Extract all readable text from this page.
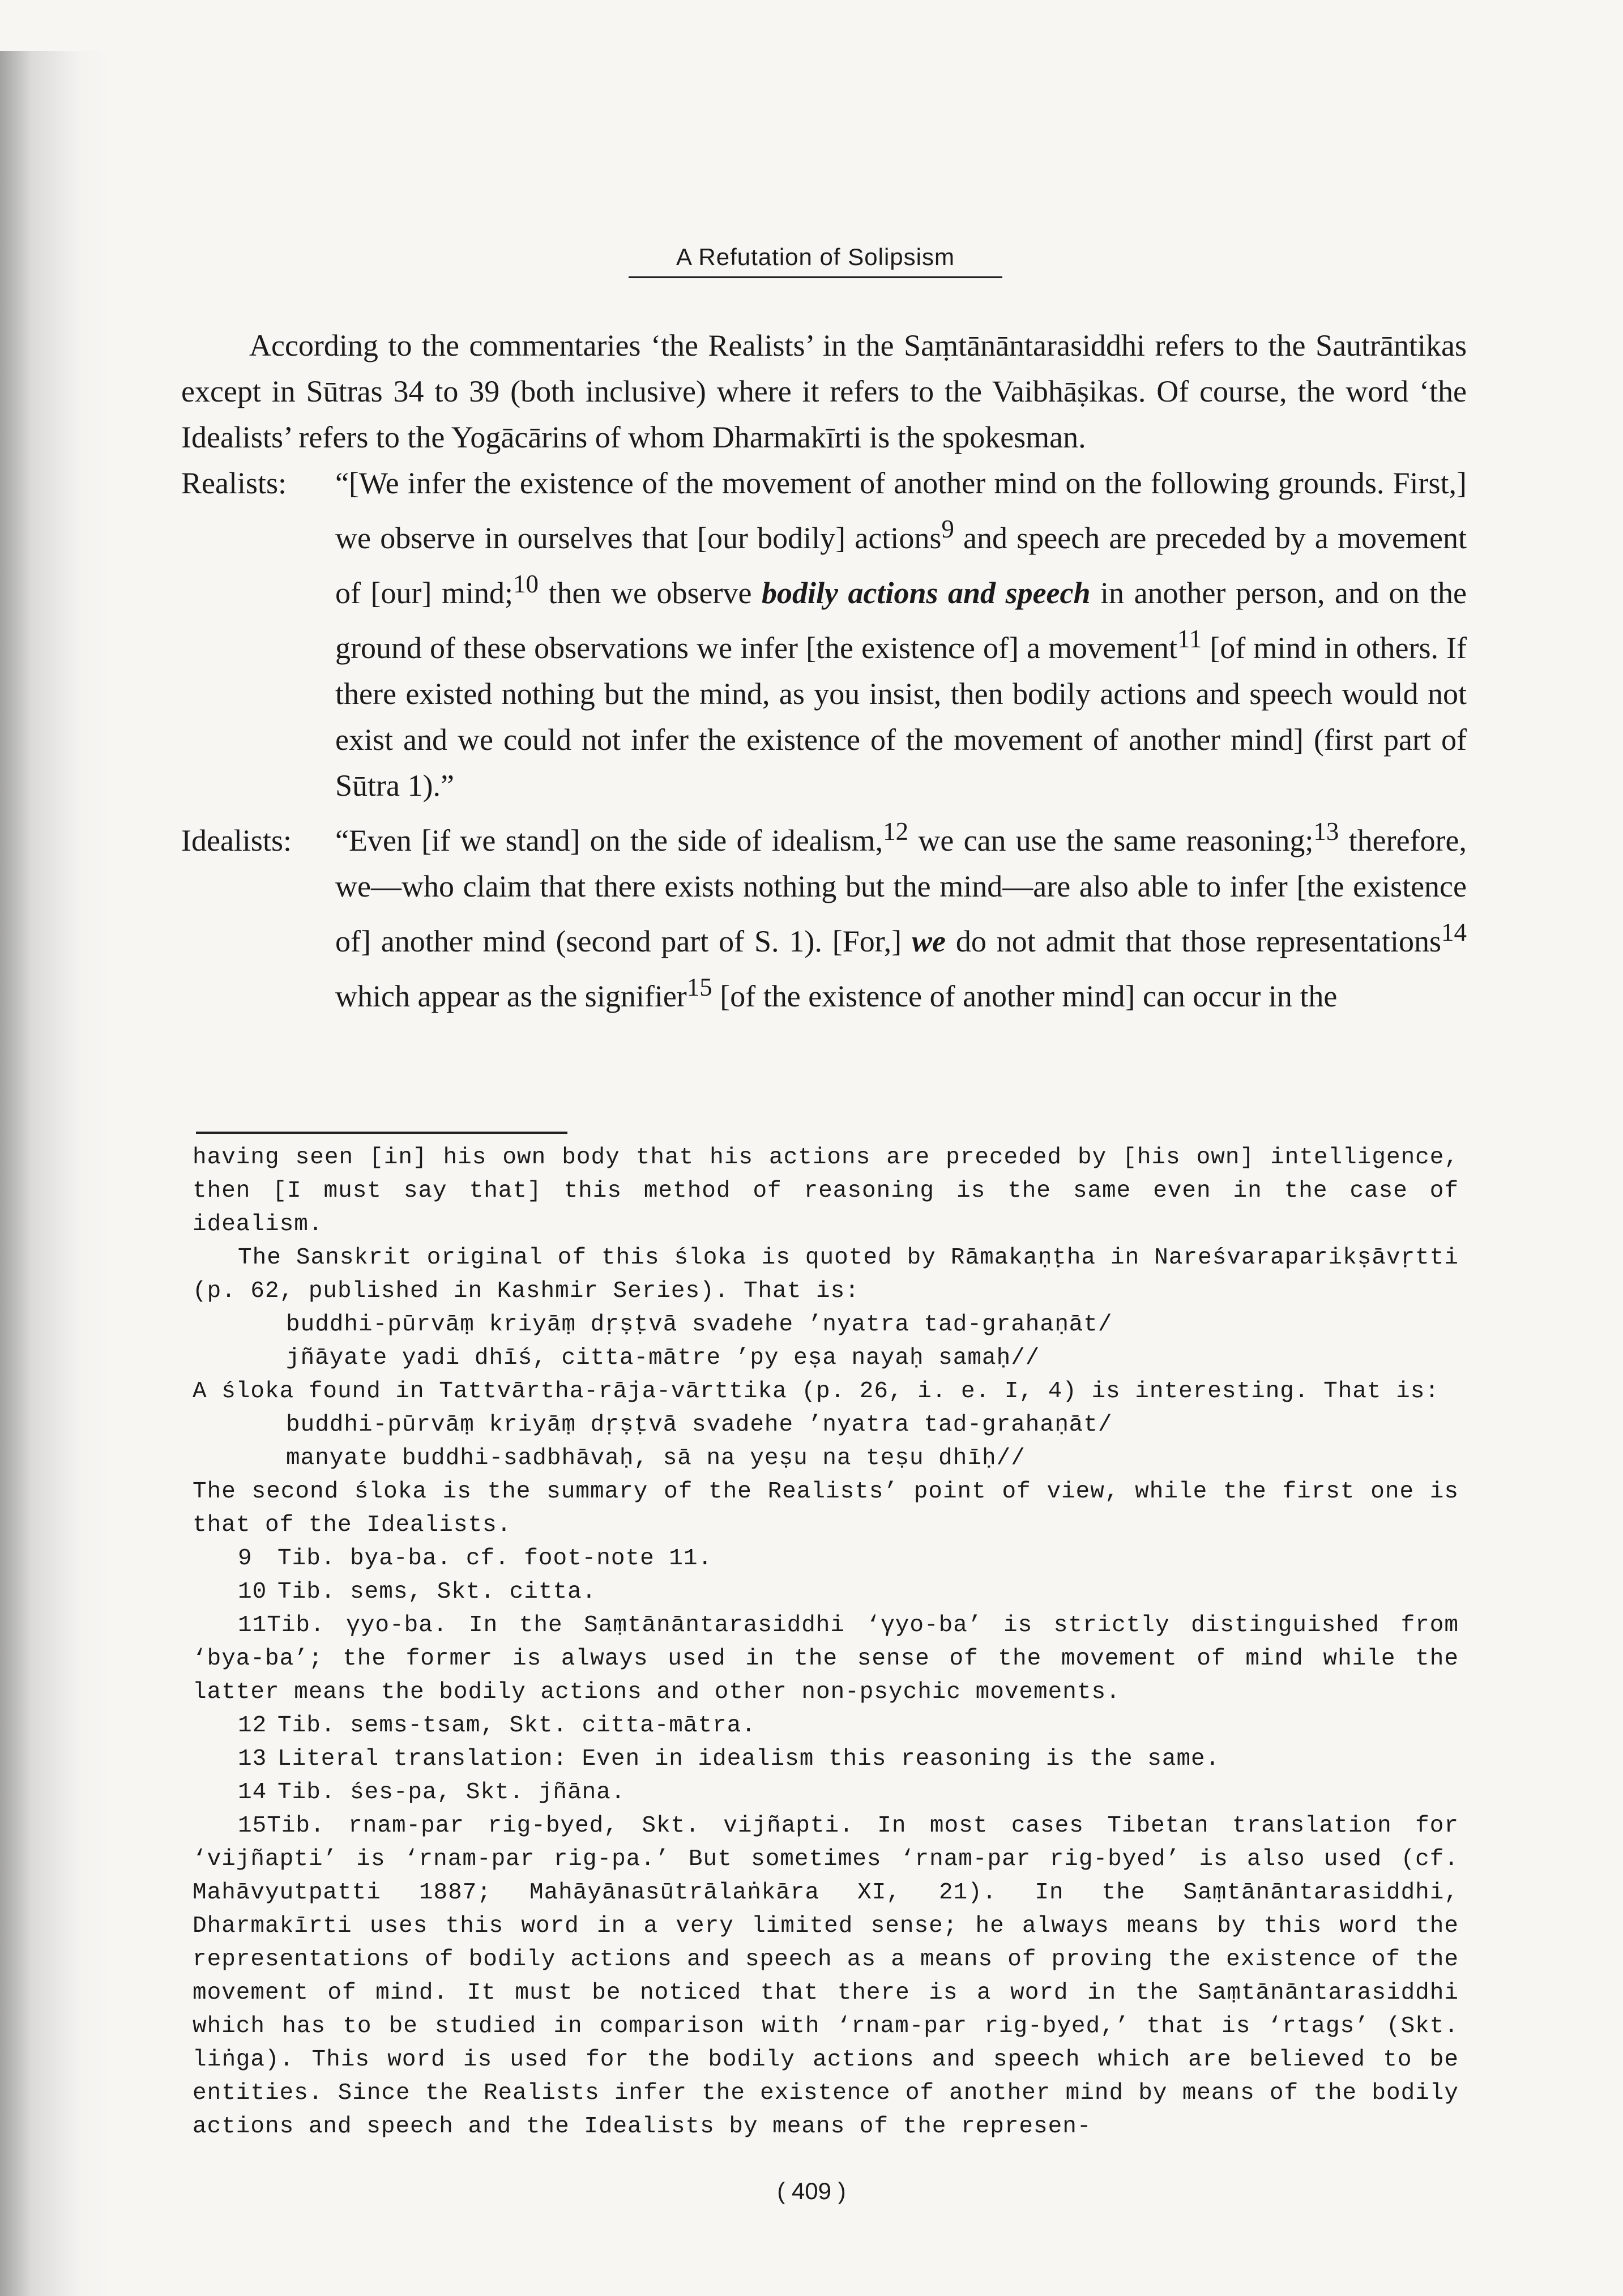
A Refutation of Solipsism

According to the commentaries ‘the Realists’ in the Saṃtānāntarasiddhi refers to the Sautrāntikas except in Sūtras 34 to 39 (both inclusive) where it refers to the Vaibhāṣikas. Of course, the word ‘the Idealists’ refers to the Yogācārins of whom Dharmakīrti is the spokesman.

Realists: “[We infer the existence of the movement of another mind on the following grounds. First,] we observe in ourselves that [our bodily] actions$^9$ and speech are preceded by a movement of [our] mind;$^{10}$ then we observe bodily actions and speech in another person, and on the ground of these observations we infer [the existence of] a movement$^{11}$ [of mind in others. If there existed nothing but the mind, as you insist, then bodily actions and speech would not exist and we could not infer the existence of the movement of another mind] (first part of Sūtra 1).”

Idealists: “Even [if we stand] on the side of idealism,$^{12}$ we can use the same reasoning;$^{13}$ therefore, we—who claim that there exists nothing but the mind—are also able to infer [the existence of] another mind (second part of S. 1). [For,] we do not admit that those representations$^{14}$ which appear as the signifier$^{15}$ [of the existence of another mind] can occur in the

having seen [in] his own body that his actions are preceded by [his own] intelligence, then [I must say that] this method of reasoning is the same even in the case of idealism.

The Sanskrit original of this śloka is quoted by Rāmakaṇṭha in Nareśvaraparikṣāvṛtti (p. 62, published in Kashmir Series). That is:

buddhi-pūrvāṃ kriyāṃ dṛṣṭvā svadehe ’nyatra tad-grahaṇāt/

jñāyate yadi dhīś, citta-mātre ’py eṣa nayaḥ samaḥ//

A śloka found in Tattvārtha-rāja-vārttika (p. 26, i. e. I, 4) is interesting. That is:

buddhi-pūrvāṃ kriyāṃ dṛṣṭvā svadehe ’nyatra tad-grahaṇāt/

manyate buddhi-sadbhāvaḥ, sā na yeṣu na teṣu dhīḥ//

The second śloka is the summary of the Realists’ point of view, while the first one is that of the Idealists.

9 Tib. bya-ba. cf. foot-note 11.

10 Tib. sems, Skt. citta.

11Tib. γyo-ba. In the Saṃtānāntarasiddhi ‘γyo-ba’ is strictly distinguished from ‘bya-ba’; the former is always used in the sense of the movement of mind while the latter means the bodily actions and other non-psychic movements.

12 Tib. sems-tsam, Skt. citta-mātra.

13 Literal translation: Even in idealism this reasoning is the same.

14 Tib. śes-pa, Skt. jñāna.

15Tib. rnam-par rig-byed, Skt. vijñapti. In most cases Tibetan translation for ‘vijñapti’ is ‘rnam-par rig-pa.’ But sometimes ‘rnam-par rig-byed’ is also used (cf. Mahāvyutpatti 1887; Mahāyānasūtrālaṅkāra XI, 21). In the Saṃtānāntarasiddhi, Dharmakīrti uses this word in a very limited sense; he always means by this word the representations of bodily actions and speech as a means of proving the existence of the movement of mind. It must be noticed that there is a word in the Saṃtānāntarasiddhi which has to be studied in comparison with ‘rnam-par rig-byed,’ that is ‘rtags’ (Skt. liṅga). This word is used for the bodily actions and speech which are believed to be entities. Since the Realists infer the existence of another mind by means of the bodily actions and speech and the Idealists by means of the represen-

( 409 )
